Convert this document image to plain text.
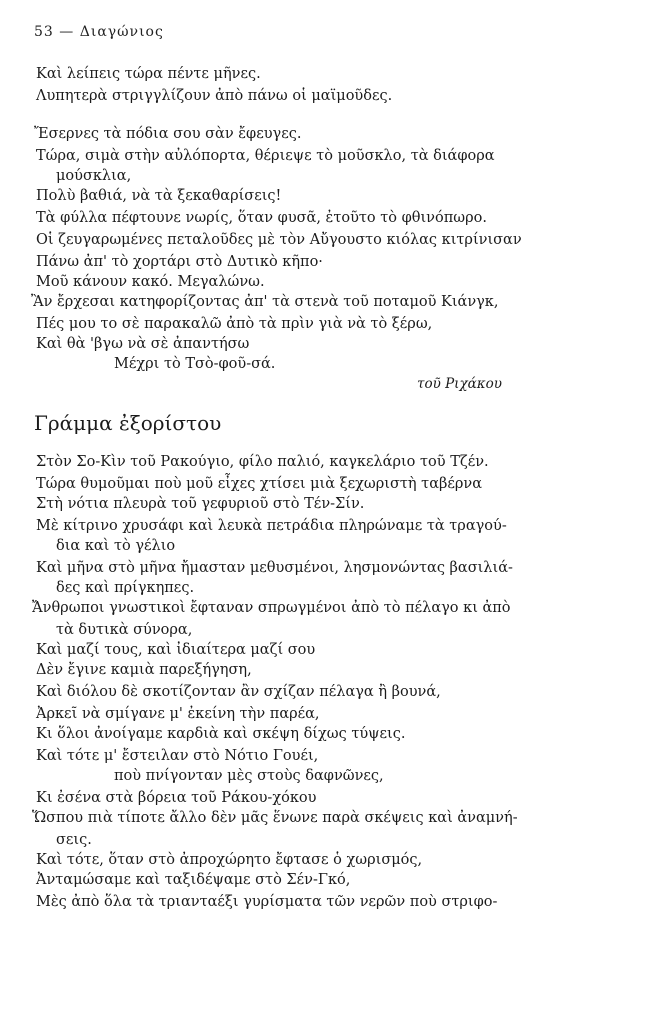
53 — Διαγώνιος
Καὶ λείπεις τώρα πέντε μῆνες.
Λυπητερὰ στριγγλίζουν ἀπὸ πάνω οἱ μαϊμοῦδες.
Ἔσερνες τὰ πόδια σου σὰν ἔφευγες.
Τώρα, σιμὰ στὴν αὐλόπορτα, θέριεψε τὸ μοῦσκλο, τὰ διάφορα
μούσκλια,
Πολὺ βαθιά, νὰ τὰ ξεκαθαρίσεις!
Τὰ φύλλα πέφτουνε νωρίς, ὅταν φυσᾶ, ἐτοῦτο τὸ φθινόπωρο.
Οἱ ζευγαρωμένες πεταλοῦδες μὲ τὸν Αὔγουστο κιόλας κιτρίνισαν
Πάνω ἀπ' τὸ χορτάρι στὸ Δυτικὸ κῆπο·
Μοῦ κάνουν κακό. Μεγαλώνω.
Ἂν ἔρχεσαι κατηφορίζοντας ἀπ' τὰ στενὰ τοῦ ποταμοῦ Κιάνγκ,
Πές μου το σὲ παρακαλῶ ἀπὸ τὰ πρὶν γιὰ νὰ τὸ ξέρω,
Καὶ θὰ 'βγω νὰ σὲ ἀπαντήσω
Μέχρι τὸ Τσὸ-φοῦ-σά.
τοῦ Ριχάκου
Γράμμα ἐξορίστου
Στὸν Σο-Κὶν τοῦ Ρακούγιο, φίλο παλιό, καγκελάριο τοῦ Τζέν.
Τώρα θυμοῦμαι ποὺ μοῦ εἶχες χτίσει μιὰ ξεχωριστὴ ταβέρνα
Στὴ νότια πλευρὰ τοῦ γεφυριοῦ στὸ Τέν-Σίν.
Μὲ κίτρινο χρυσάφι καὶ λευκὰ πετράδια πληρώναμε τὰ τραγού-
δια καὶ τὸ γέλιο
Καὶ μῆνα στὸ μῆνα ἤμασταν μεθυσμένοι, λησμονώντας βασιλιά-
δες καὶ πρίγκηπες.
Ἄνθρωποι γνωστικοὶ ἔφταναν σπρωγμένοι ἀπὸ τὸ πέλαγο κι ἀπὸ
τὰ δυτικὰ σύνορα,
Καὶ μαζί τους, καὶ ἰδιαίτερα μαζί σου
Δὲν ἔγινε καμιὰ παρεξήγηση,
Καὶ διόλου δὲ σκοτίζονταν ἂν σχίζαν πέλαγα ἢ βουνά,
Ἀρκεῖ νὰ σμίγανε μ' ἐκείνη τὴν παρέα,
Κι ὅλοι ἀνοίγαμε καρδιὰ καὶ σκέψη δίχως τύψεις.
Καὶ τότε μ' ἔστειλαν στὸ Νότιο Γουέι,
ποὺ πνίγονταν μὲς στοὺς δαφνῶνες,
Κι ἐσένα στὰ βόρεια τοῦ Ράκου-χόκου
Ὥσπου πιὰ τίποτε ἄλλο δὲν μᾶς ἕνωνε παρὰ σκέψεις καὶ ἀναμνή-
σεις.
Καὶ τότε, ὅταν στὸ ἀπροχώρητο ἔφτασε ὁ χωρισμός,
Ἀνταμώσαμε καὶ ταξιδέψαμε στὸ Σέν-Γκό,
Μὲς ἀπὸ ὅλα τὰ τριανταέξι γυρίσματα τῶν νερῶν ποὺ στριφο-
